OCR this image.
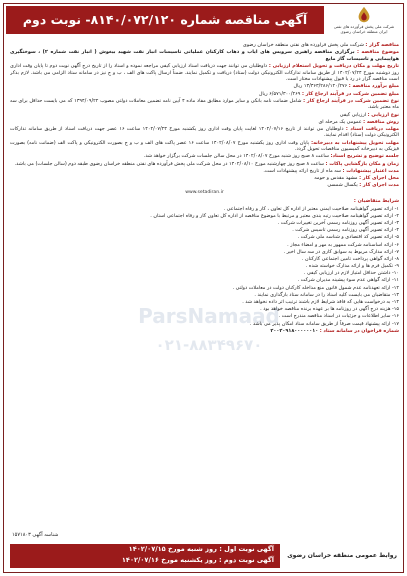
آگهی مناقصه شماره ۸۱۴۰/۰۷۲/۱۲۰- نوبت دوم	شرکت ملی پخش فرآورده های نفتی ایران منطقه خراسان رضوی

مناقصه گزار : شرکت ملی پخش فرآورده های نفتی منطقه خراسان رضوی

موضوع مناقصه : برگزاری مناقصه راهبری سرویس های ایاب و ذهاب کارکنان عملیاتی تاسیسات انبار نفت شهید بیغوش ( انبار نفت شماره ۲) ، سوختگیری هواپیمایی و تاسیسات گاز مایع

تاریخ مهلت و مکان دریافت و تحویل استعلام ارزیابی : داوطلبان می توانند جهت دریافت اسناد ارزیابی کیفی مراجعه نموده و اسناد را از تاریخ درج آگهی نوبت دوم تا پایان وقت اداری روز دوشنبه مورخ ۱۴۰۲/۰۷/۲۴ از طریق سامانه تدارکات الکترونیکی دولت (ستاد) دریافت و تکمیل نمایند. ضمناً ارسال پاکت های الف ، ب و ج نیز در سامانه ستاد الزامی می باشد. لازم بذکر است مناقصه گزار در رد یا قبول پیشنهادات مختار است.

مبلغ برآورد مناقصه : ۱۳/۳۶۳/۲۸۶/۱۲۰/۲۷۶ ریال

مبلغ تضمین شرکت در فرآیند ارجاع کار : ۶/۵۷۱/۳۰۰/۲۶۹ ریال

نوع تضمین شرکت در فرآیند ارجاع کار : شامل ضمانت نامه بانکی و سایر موارد مطابق مفاد ماده ۴ آیین نامه تضمین معاملات دولتی مصوب ۱۳۹۴/۰۹/۲۲ که می بایست حداقل برای سه ماه معتبر باشد.

نوع ارزیابی : ارزیابی کیفی

روش مناقصه : عمومی یک مرحله ای

مهلت دریافت اسناد : داوطلبان می توانند از تاریخ ۱۴۰۲/۰۷/۱۶ لغایت پایان وقت اداری روز یکشنبه مورخ ۱۴۰۲/۰۷/۲۳ ساعت ۱۶ عصر جهت دریافت اسناد از طریق سامانه تدارکات الکترونیکی دولت (ستاد) اقدام نمایند.

مهلت تحویل پیشنهادات به دبیرخانه: پایان وقت اداری روز یکشنبه مورخ ۱۴۰۲/۰۸/۰۷ ساعت ۱۶ عصر پاکت های الف و ب و ج بصورت الکترونیکی و پاکت الف (ضمانت نامه) بصورت فیزیکی به دبیرخانه کمیسیون مناقصات تحویل گردد.

جلسه توضیح و تشریح اسناد: ساعت ۸ صبح روز شنبه مورخ ۱۴۰۲/۰۸/۰۷ در محل سالن جلسات شرکت برگزار خواهد شد.

زمان و مکان بازگشایی پاکات : ساعت ۸ صبح روز چهارشنبه مورخ ۱۴۰۲/۰۸/۱۰ در محل شرکت ملی پخش فرآورده های نفتی منطقه خراسان رضوی طبقه دوم (سالن جلسات) می باشد.

مدت اعتبار پیشنهادات : سه ماه از تاریخ ارائه پیشنهادات است.

محل اجرای کار : مشهد مقدس و حومه

مدت اجرای کار : یکسال شمسی

www.setadiran.ir

شرایط متقاضیان :

۱- ارائه تصویر گواهینامه صلاحیت ایمنی معتبر از اداره کل تعاون ، کار و رفاه اجتماعی .

۲- ارائه تصویر گواهینامه صلاحیت رتبه بندی معتبر و مرتبط با موضوع مناقصه از اداره کل تعاون کار و رفاه اجتماعی استان .

۳- ارائه تصویر آگهی روزنامه رسمی آخرین تغییرات شرکت .

۴- ارائه تصویر آگهی روزنامه رسمی تاسیس شرکت .

۵- ارائه تصویر کد اقتصادی و شناسه ملی شرکت .

۶- ارائه اساسنامه شرکت ممهور به مهر و امضاء مجاز .

۷- ارائه مدارک مربوط به سوابق کاری در سه سال اخیر .

۸- ارائه گواهی پرداخت تامین اجتماعی کارکنان .

۹- تکمیل فرم ها و ارائه مدارک خواسته شده .

۱۰- داشتن حداقل امتیاز لازم در ارزیابی کیفی .

۱۱- ارائه گواهی عدم سوء پیشینه مدیران شرکت .

۱۲- ارائه تعهدنامه عدم شمول قانون منع مداخله کارکنان دولت در معاملات دولتی .

۱۳- متقاضیان می بایست کلیه اسناد را در سامانه ستاد بارگذاری نمایند .

۱۴- به درخواست هایی که فاقد شرایط لازم باشند ترتیب اثر داده نخواهد شد .

۱۵- هزینه درج آگهی در روزنامه ها بر عهده برنده مناقصه خواهد بود .

۱۶- سایر اطلاعات و جزئیات در اسناد مناقصه مندرج است .

۱۷- ارائه پیشنهاد قیمت صرفاً از طریق سامانه ستاد امکان پذیر می باشد .

شماره فراخوان در سامانه ستاد : ۲۰۰۲۰۹۱۸۰۰۰۰۰۰۱۰

ParsNamaad
۰۲۱-۸۸۳۴۹۶۷۰
شناسه آگهی ۱۵۷۱۸۰۳
آگهی نوبت اول : روز شنبه مورخ ۱۴۰۲/۰۷/۱۵
آگهی نوبت دوم : روز یکشنبه مورخ ۱۴۰۲/۰۷/۱۶
روابط عمومی منطقه خراسان رضوی
